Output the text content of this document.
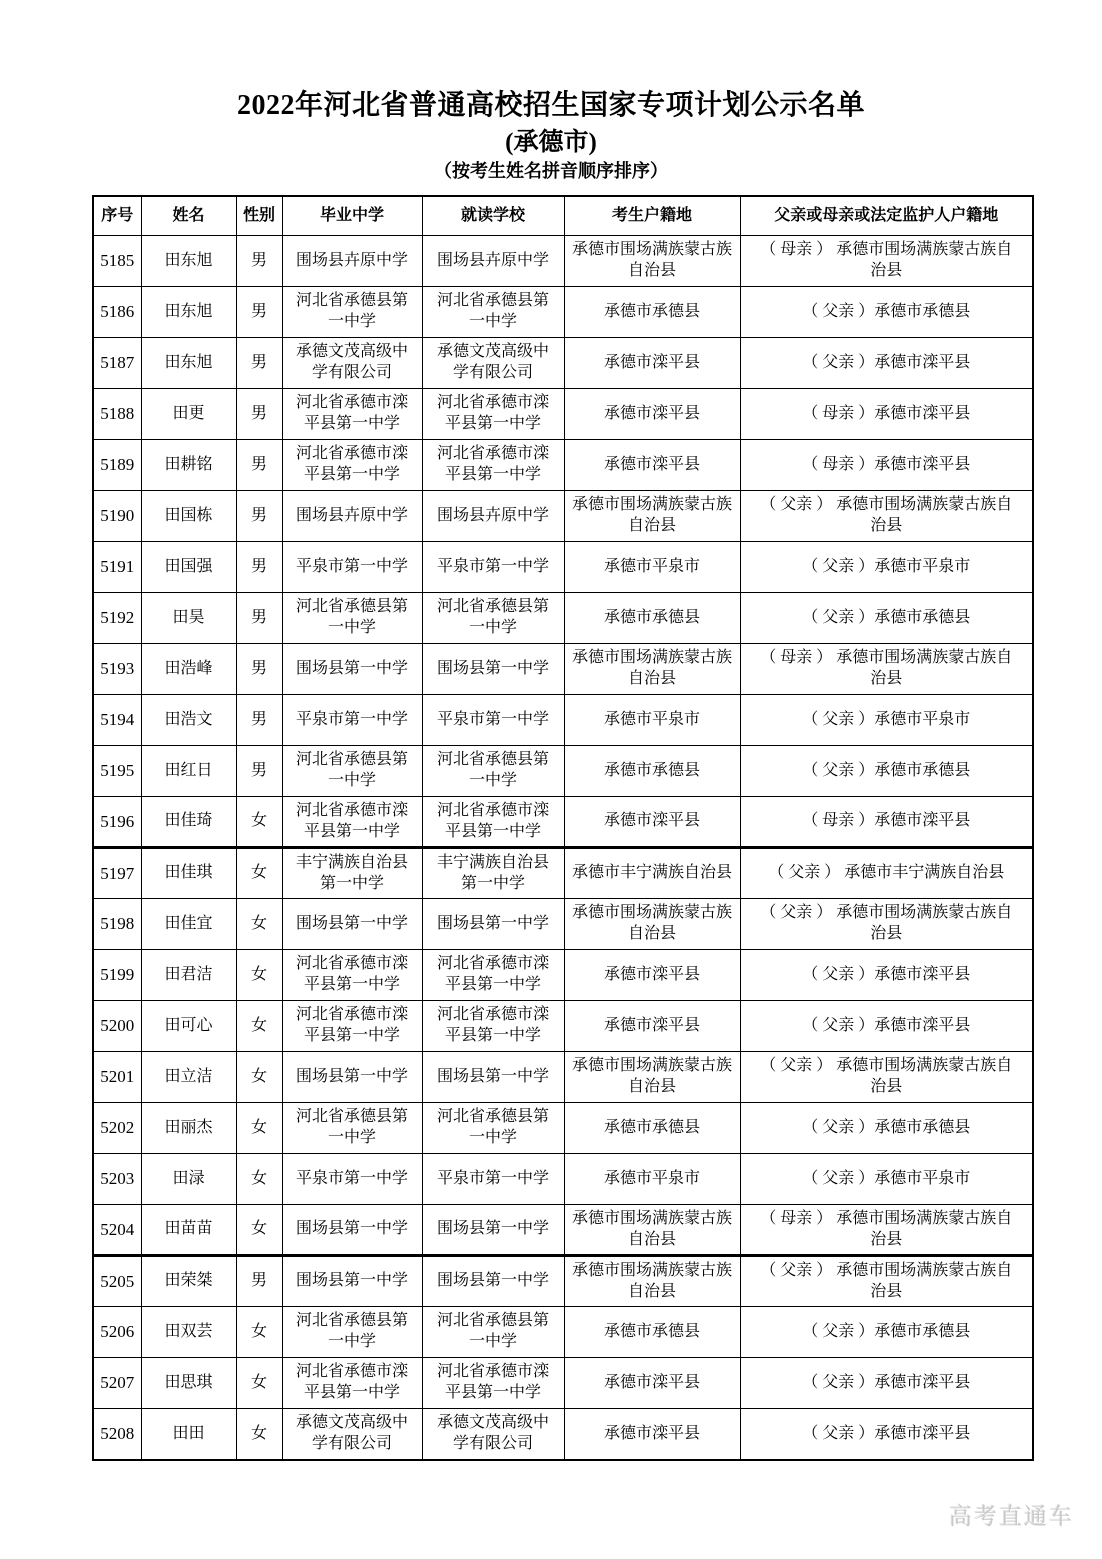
2022年河北省普通高校招生国家专项计划公示名单
(承德市)
（按考生姓名拼音顺序排序）
序号	姓名	性别	毕业中学	就读学校	考生户籍地	父亲或母亲或法定监护人户籍地
5185	田东旭	男	围场县卉原中学	围场县卉原中学	承德市围场满族蒙古族自治县	（ 母亲 ） 承德市围场满族蒙古族自治县
5186	田东旭	男	河北省承德县第一中学	河北省承德县第一中学	承德市承德县	（ 父亲 ）承德市承德县
5187	田东旭	男	承德文茂高级中学有限公司	承德文茂高级中学有限公司	承德市滦平县	（ 父亲 ）承德市滦平县
5188	田更	男	河北省承德市滦平县第一中学	河北省承德市滦平县第一中学	承德市滦平县	（ 母亲 ）承德市滦平县
5189	田耕铭	男	河北省承德市滦平县第一中学	河北省承德市滦平县第一中学	承德市滦平县	（ 母亲 ）承德市滦平县
5190	田国栋	男	围场县卉原中学	围场县卉原中学	承德市围场满族蒙古族自治县	（ 父亲 ） 承德市围场满族蒙古族自治县
5191	田国强	男	平泉市第一中学	平泉市第一中学	承德市平泉市	（ 父亲 ）承德市平泉市
5192	田昊	男	河北省承德县第一中学	河北省承德县第一中学	承德市承德县	（ 父亲 ）承德市承德县
5193	田浩峰	男	围场县第一中学	围场县第一中学	承德市围场满族蒙古族自治县	（ 母亲 ） 承德市围场满族蒙古族自治县
5194	田浩文	男	平泉市第一中学	平泉市第一中学	承德市平泉市	（ 父亲 ）承德市平泉市
5195	田红日	男	河北省承德县第一中学	河北省承德县第一中学	承德市承德县	（ 父亲 ）承德市承德县
5196	田佳琦	女	河北省承德市滦平县第一中学	河北省承德市滦平县第一中学	承德市滦平县	（ 母亲 ）承德市滦平县
5197	田佳琪	女	丰宁满族自治县第一中学	丰宁满族自治县第一中学	承德市丰宁满族自治县	（ 父亲 ） 承德市丰宁满族自治县
5198	田佳宜	女	围场县第一中学	围场县第一中学	承德市围场满族蒙古族自治县	（ 父亲 ） 承德市围场满族蒙古族自治县
5199	田君洁	女	河北省承德市滦平县第一中学	河北省承德市滦平县第一中学	承德市滦平县	（ 父亲 ）承德市滦平县
5200	田可心	女	河北省承德市滦平县第一中学	河北省承德市滦平县第一中学	承德市滦平县	（ 父亲 ）承德市滦平县
5201	田立洁	女	围场县第一中学	围场县第一中学	承德市围场满族蒙古族自治县	（ 父亲 ） 承德市围场满族蒙古族自治县
5202	田丽杰	女	河北省承德县第一中学	河北省承德县第一中学	承德市承德县	（ 父亲 ）承德市承德县
5203	田渌	女	平泉市第一中学	平泉市第一中学	承德市平泉市	（ 父亲 ）承德市平泉市
5204	田苗苗	女	围场县第一中学	围场县第一中学	承德市围场满族蒙古族自治县	（ 母亲 ） 承德市围场满族蒙古族自治县
5205	田荣桀	男	围场县第一中学	围场县第一中学	承德市围场满族蒙古族自治县	（ 父亲 ） 承德市围场满族蒙古族自治县
5206	田双芸	女	河北省承德县第一中学	河北省承德县第一中学	承德市承德县	（ 父亲 ）承德市承德县
5207	田思琪	女	河北省承德市滦平县第一中学	河北省承德市滦平县第一中学	承德市滦平县	（ 父亲 ）承德市滦平县
5208	田田	女	承德文茂高级中学有限公司	承德文茂高级中学有限公司	承德市滦平县	（ 父亲 ）承德市滦平县
高考直通车
